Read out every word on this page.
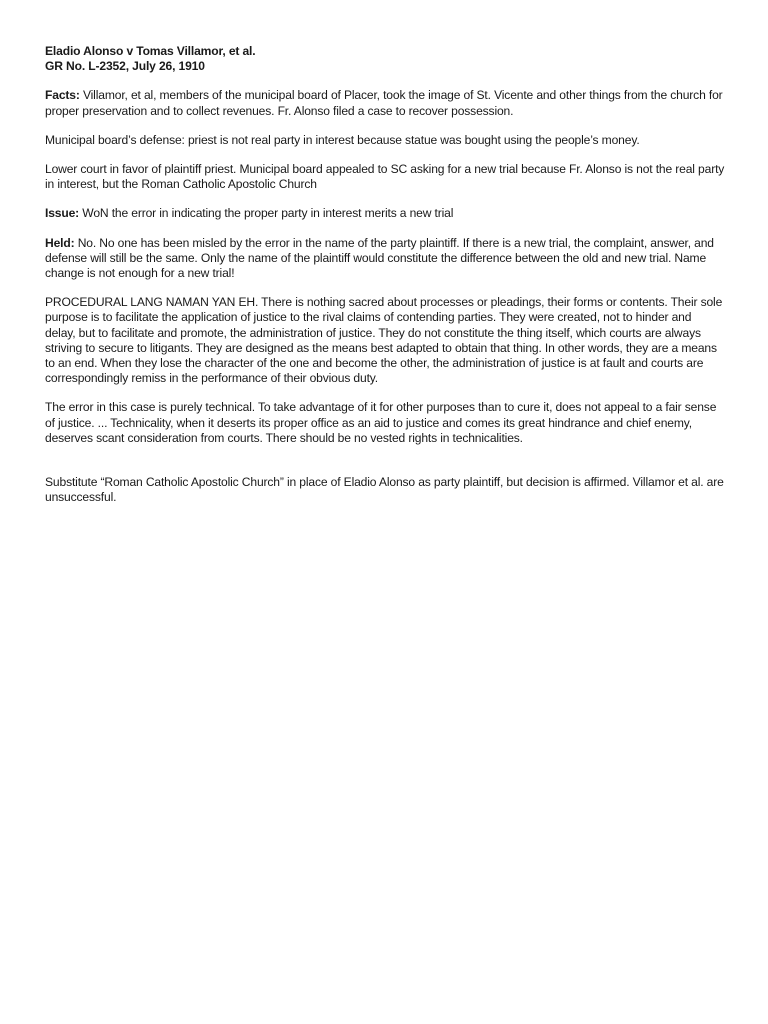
Eladio Alonso v Tomas Villamor, et al.
GR No. L-2352, July 26, 1910

Facts: Villamor, et al, members of the municipal board of Placer, took the image of St. Vicente and other things from the church for proper preservation and to collect revenues. Fr. Alonso filed a case to recover possession.

Municipal board’s defense: priest is not real party in interest because statue was bought using the people’s money.

Lower court in favor of plaintiff priest. Municipal board appealed to SC asking for a new trial because Fr. Alonso is not the real party in interest, but the Roman Catholic Apostolic Church

Issue: WoN the error in indicating the proper party in interest merits a new trial

Held: No. No one has been misled by the error in the name of the party plaintiff. If there is a new trial, the complaint, answer, and defense will still be the same. Only the name of the plaintiff would constitute the difference between the old and new trial. Name change is not enough for a new trial!

PROCEDURAL LANG NAMAN YAN EH. There is nothing sacred about processes or pleadings, their forms or contents. Their sole purpose is to facilitate the application of justice to the rival claims of contending parties. They were created, not to hinder and delay, but to facilitate and promote, the administration of justice. They do not constitute the thing itself, which courts are always striving to secure to litigants. They are designed as the means best adapted to obtain that thing. In other words, they are a means to an end. When they lose the character of the one and become the other, the administration of justice is at fault and courts are correspondingly remiss in the performance of their obvious duty.

The error in this case is purely technical. To take advantage of it for other purposes than to cure it, does not appeal to a fair sense of justice. ... Technicality, when it deserts its proper office as an aid to justice and comes its great hindrance and chief enemy, deserves scant consideration from courts. There should be no vested rights in technicalities.

Substitute “Roman Catholic Apostolic Church” in place of Eladio Alonso as party plaintiff, but decision is affirmed. Villamor et al. are unsuccessful.
